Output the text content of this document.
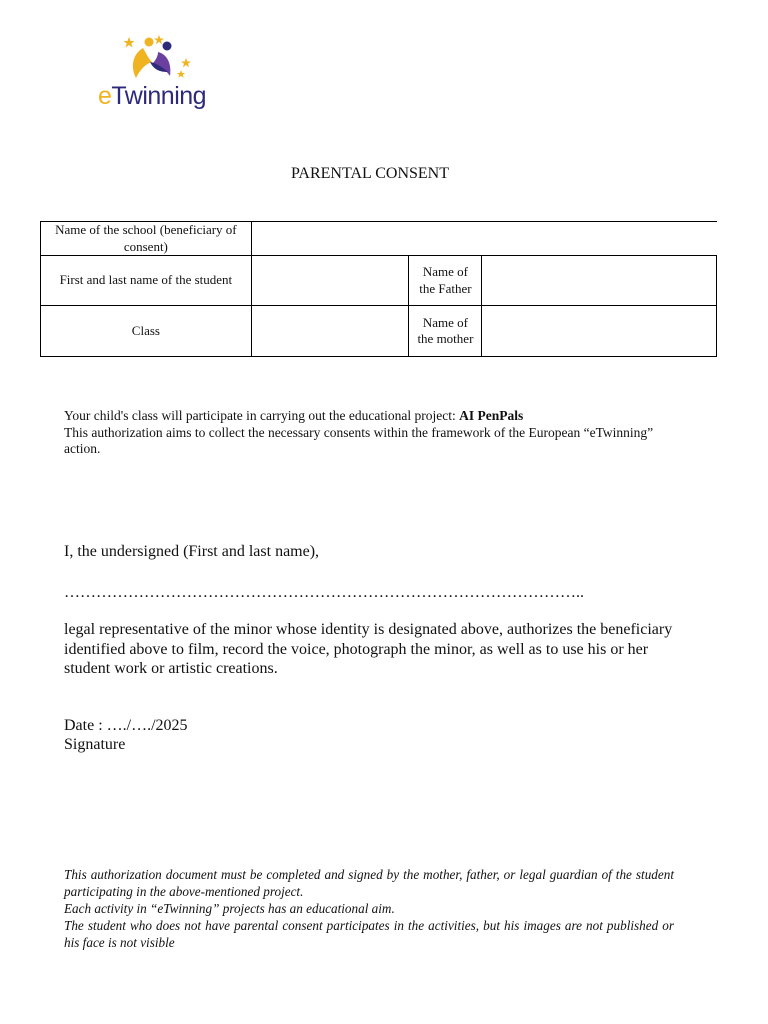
eTwinning
PARENTAL CONSENT
Name of the school (beneficiary of consent)			
First and last name of the student		Name of the Father	
Class		Name of the mother	
Your child's class will participate in carrying out the educational project: AI PenPals
This authorization aims to collect the necessary consents within the framework of the European “eTwinning” action.
I, the undersigned (First and last name),
……………………………………………………………………………………..
legal representative of the minor whose identity is designated above, authorizes the beneficiary identified above to film, record the voice, photograph the minor, as well as to use his or her student work or artistic creations.
Date : …./…./2025
Signature

This authorization document must be completed and signed by the mother, father, or legal guardian of the student participating in the above-mentioned project.

Each activity in “eTwinning” projects has an educational aim.

The student who does not have parental consent participates in the activities, but his images are not published or his face is not visible
